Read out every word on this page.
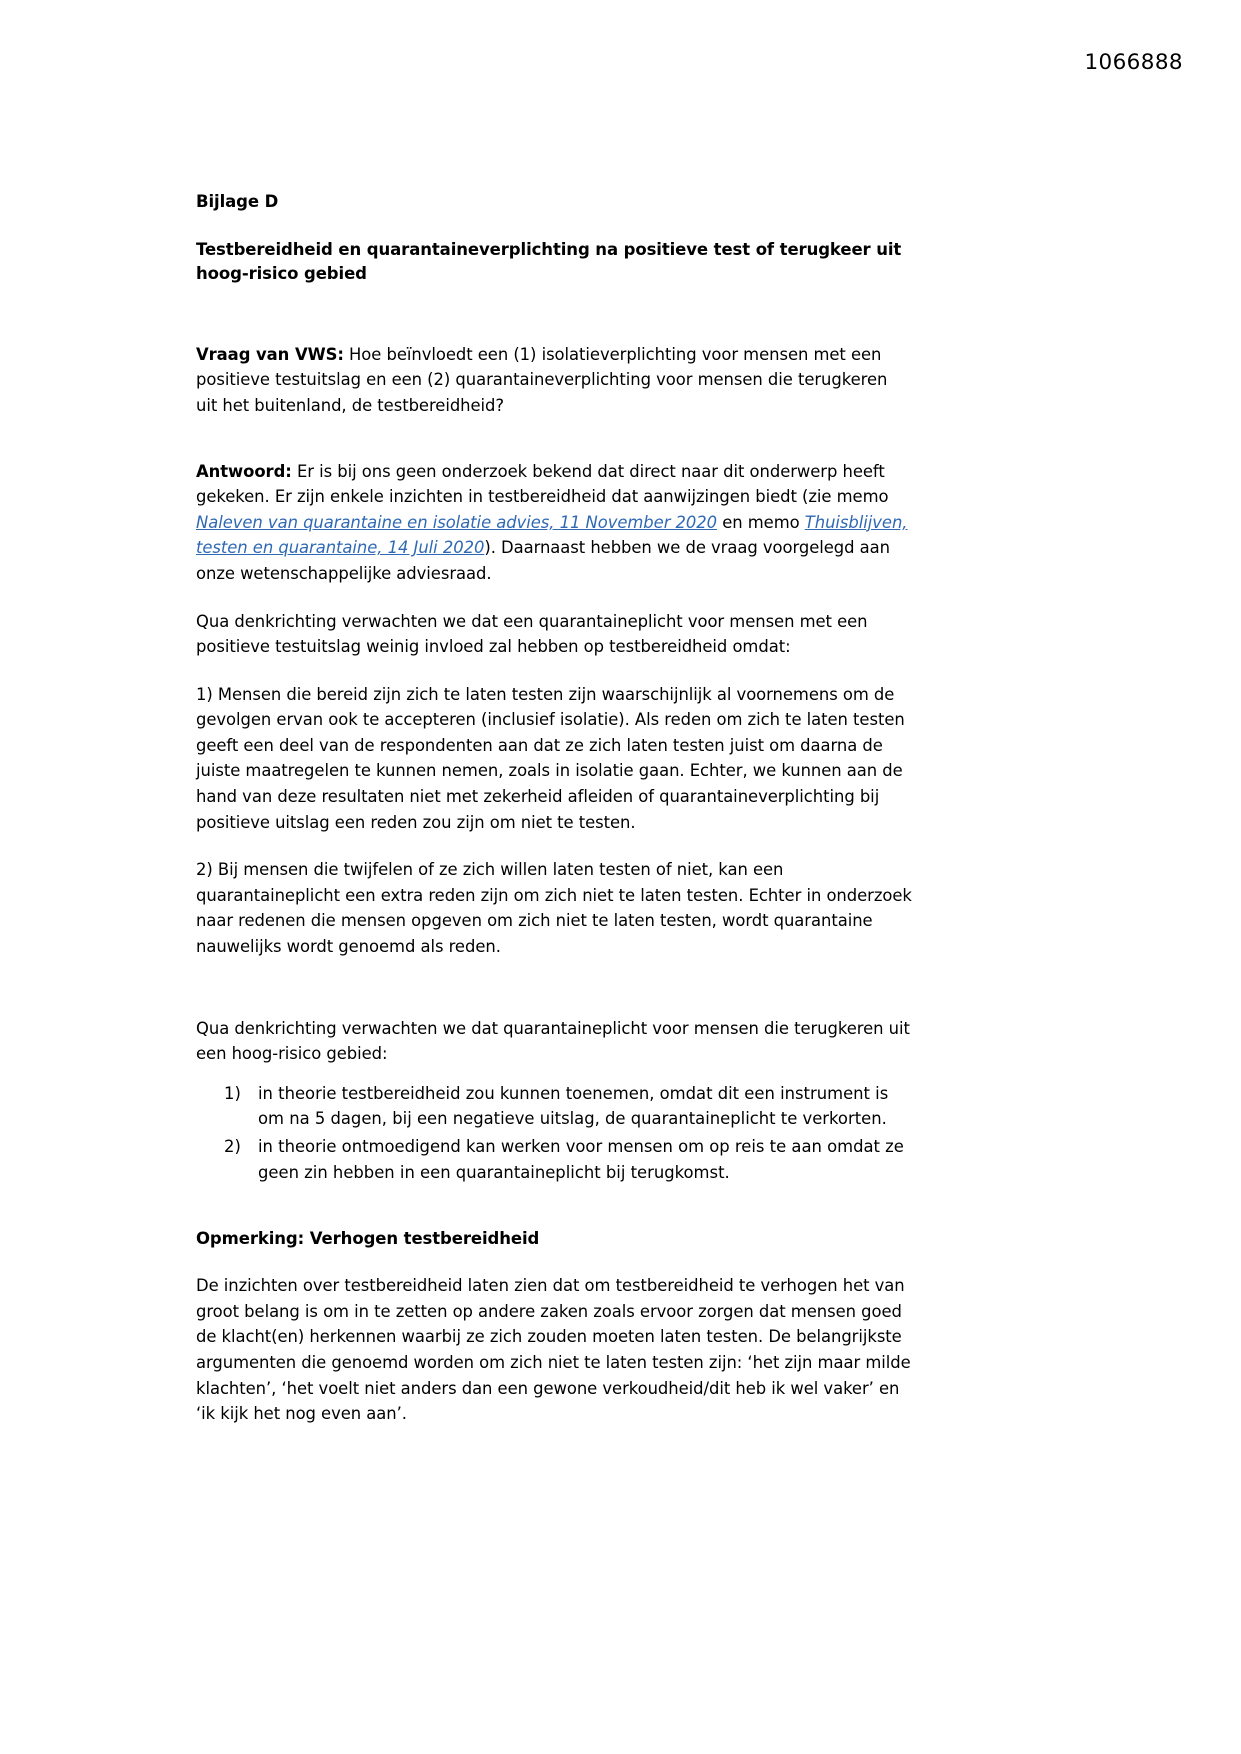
1066888

Bijlage D

Testbereidheid en quarantaineverplichting na positieve test of terugkeer uit hoog-risico gebied

Vraag van VWS: Hoe beïnvloedt een (1) isolatieverplichting voor mensen met een positieve testuitslag en een (2) quarantaineverplichting voor mensen die terugkeren uit het buitenland, de testbereidheid?

Antwoord: Er is bij ons geen onderzoek bekend dat direct naar dit onderwerp heeft gekeken. Er zijn enkele inzichten in testbereidheid dat aanwijzingen biedt (zie memo Naleven van quarantaine en isolatie advies, 11 November 2020 en memo Thuisblijven, testen en quarantaine, 14 Juli 2020). Daarnaast hebben we de vraag voorgelegd aan onze wetenschappelijke adviesraad.

Qua denkrichting verwachten we dat een quarantaineplicht voor mensen met een positieve testuitslag weinig invloed zal hebben op testbereidheid omdat:

1) Mensen die bereid zijn zich te laten testen zijn waarschijnlijk al voornemens om de gevolgen ervan ook te accepteren (inclusief isolatie). Als reden om zich te laten testen geeft een deel van de respondenten aan dat ze zich laten testen juist om daarna de juiste maatregelen te kunnen nemen, zoals in isolatie gaan. Echter, we kunnen aan de hand van deze resultaten niet met zekerheid afleiden of quarantaineverplichting bij positieve uitslag een reden zou zijn om niet te testen.

2) Bij mensen die twijfelen of ze zich willen laten testen of niet, kan een quarantaineplicht een extra reden zijn om zich niet te laten testen. Echter in onderzoek naar redenen die mensen opgeven om zich niet te laten testen, wordt quarantaine nauwelijks wordt genoemd als reden.

Qua denkrichting verwachten we dat quarantaineplicht voor mensen die terugkeren uit een hoog-risico gebied:

in theorie testbereidheid zou kunnen toenemen, omdat dit een instrument is om na 5 dagen, bij een negatieve uitslag, de quarantaineplicht te verkorten.
in theorie ontmoedigend kan werken voor mensen om op reis te aan omdat ze geen zin hebben in een quarantaineplicht bij terugkomst.

Opmerking: Verhogen testbereidheid

De inzichten over testbereidheid laten zien dat om testbereidheid te verhogen het van groot belang is om in te zetten op andere zaken zoals ervoor zorgen dat mensen goed de klacht(en) herkennen waarbij ze zich zouden moeten laten testen. De belangrijkste argumenten die genoemd worden om zich niet te laten testen zijn: ‘het zijn maar milde klachten’, ‘het voelt niet anders dan een gewone verkoudheid/dit heb ik wel vaker’ en ‘ik kijk het nog even aan’.
